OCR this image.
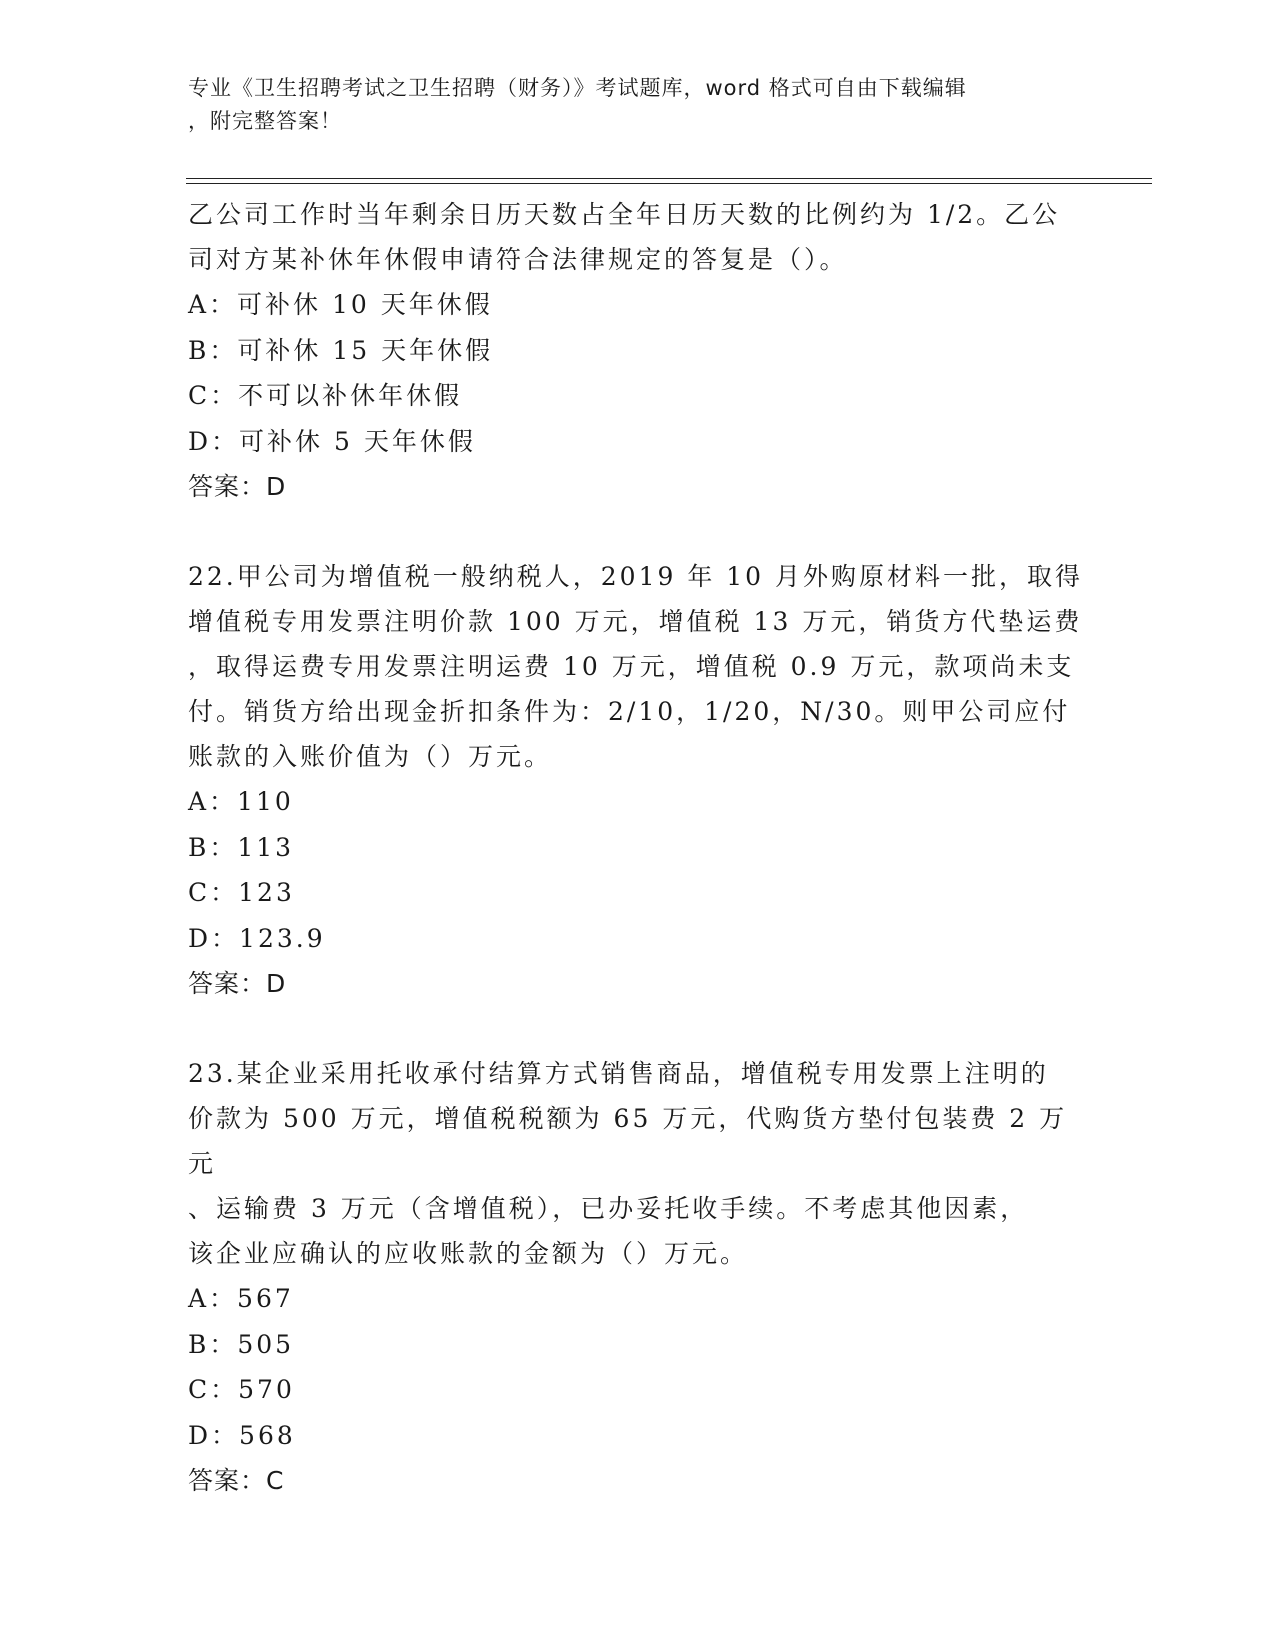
专业《卫生招聘考试之卫生招聘（财务）》考试题库，word 格式可自由下载编辑
，附完整答案！

乙公司工作时当年剩余日历天数占全年日历天数的比例约为 1/2。乙公

司对方某补休年休假申请符合法律规定的答复是（）。

A：可补休 10 天年休假

B：可补休 15 天年休假

C：不可以补休年休假

D：可补休 5 天年休假

答案：D

22.甲公司为增值税一般纳税人，2019 年 10 月外购原材料一批，取得

增值税专用发票注明价款 100 万元，增值税 13 万元，销货方代垫运费

，取得运费专用发票注明运费 10 万元，增值税 0.9 万元，款项尚未支

付。销货方给出现金折扣条件为：2/10，1/20，N/30。则甲公司应付

账款的入账价值为（）万元。

A：110

B：113

C：123

D：123.9

答案：D

23.某企业采用托收承付结算方式销售商品，增值税专用发票上注明的

价款为 500 万元，增值税税额为 65 万元，代购货方垫付包装费 2 万元

、运输费 3 万元（含增值税），已办妥托收手续。不考虑其他因素，

该企业应确认的应收账款的金额为（）万元。

A：567

B：505

C：570

D：568

答案：C
